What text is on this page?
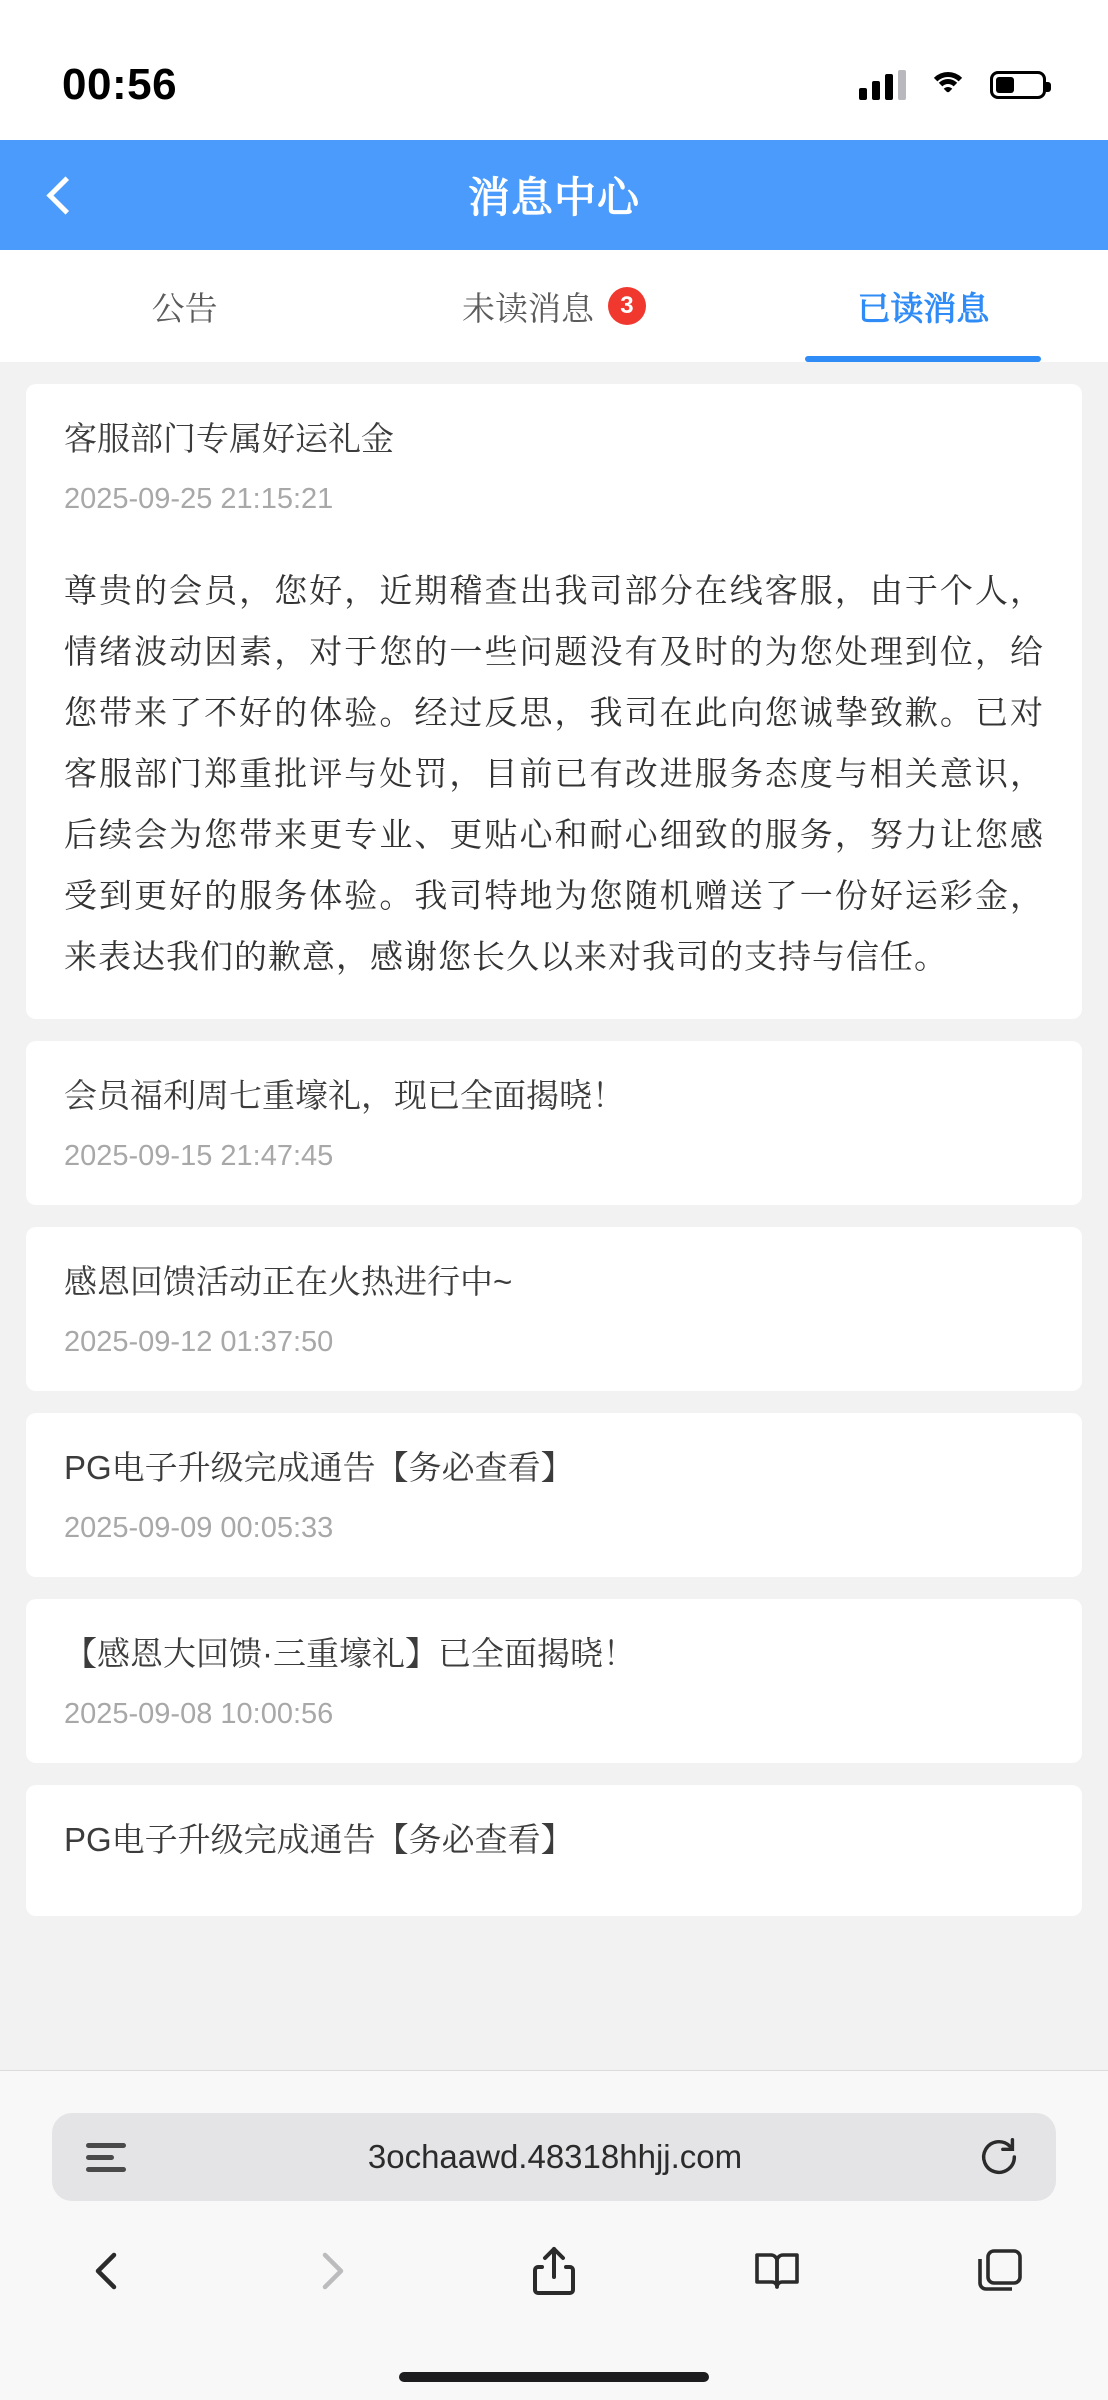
00:56
消息中心
公告	未读消息	3	已读消息
客服部门专属好运礼金
2025-09-25 21:15:21
尊贵的会员，您好，近期稽查出我司部分在线客服，由于个人，情绪波动因素，对于您的一些问题没有及时的为您处理到位，给您带来了不好的体验。经过反思，我司在此向您诚挚致歉。已对客服部门郑重批评与处罚，目前已有改进服务态度与相关意识，后续会为您带来更专业、更贴心和耐心细致的服务，努力让您感受到更好的服务体验。我司特地为您随机赠送了一份好运彩金，来表达我们的歉意，感谢您长久以来对我司的支持与信任。
会员福利周七重壕礼，现已全面揭晓！
2025-09-15 21:47:45
感恩回馈活动正在火热进行中~
2025-09-12 01:37:50
PG电子升级完成通告【务必查看】
2025-09-09 00:05:33
【感恩大回馈·三重壕礼】已全面揭晓！
2025-09-08 10:00:56
PG电子升级完成通告【务必查看】
3ochaawd.48318hhjj.com
